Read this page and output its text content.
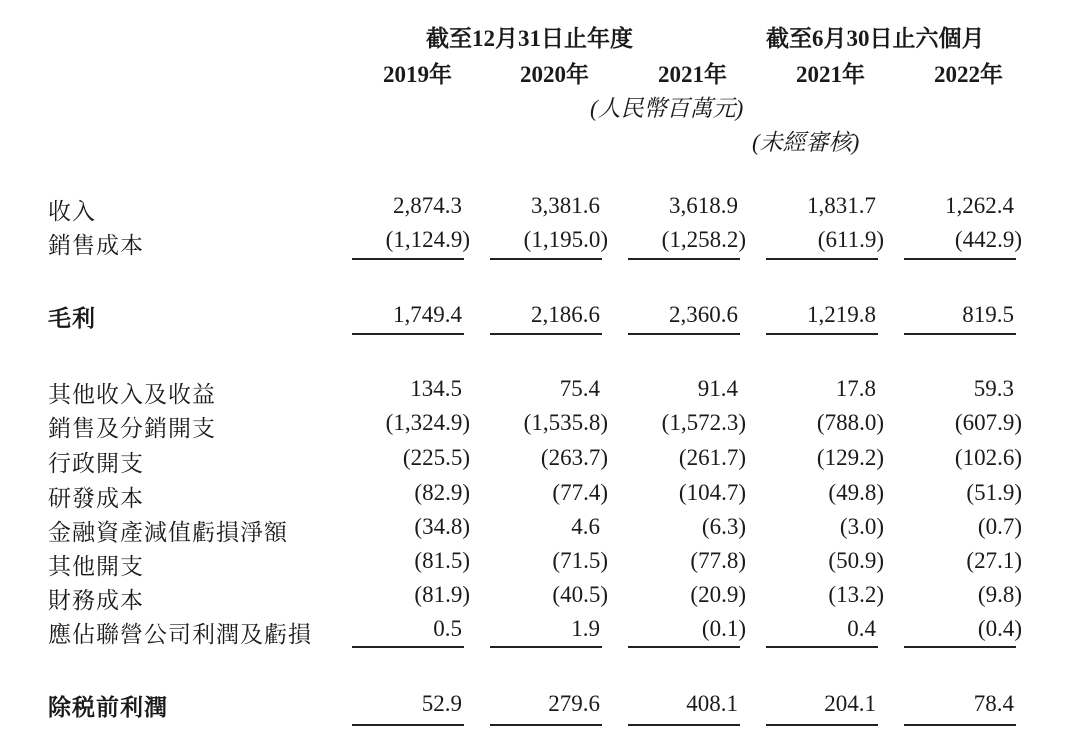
截至12月31日止年度	截至6月30日止六個月
2019年	2020年	2021年	2021年	2022年
(人民幣百萬元)
(未經審核)
收入	2,874.3	3,381.6	3,618.9	1,831.7	1,262.4
銷售成本	(1,124.9)	(1,195.0)	(1,258.2)	(611.9)	(442.9)
毛利	1,749.4	2,186.6	2,360.6	1,219.8	819.5
其他收入及收益	134.5	75.4	91.4	17.8	59.3
銷售及分銷開支	(1,324.9)	(1,535.8)	(1,572.3)	(788.0)	(607.9)
行政開支	(225.5)	(263.7)	(261.7)	(129.2)	(102.6)
研發成本	(82.9)	(77.4)	(104.7)	(49.8)	(51.9)
金融資產減值虧損淨額	(34.8)	4.6	(6.3)	(3.0)	(0.7)
其他開支	(81.5)	(71.5)	(77.8)	(50.9)	(27.1)
財務成本	(81.9)	(40.5)	(20.9)	(13.2)	(9.8)
應佔聯營公司利潤及虧損	0.5	1.9	(0.1)	0.4	(0.4)
除税前利潤	52.9	279.6	408.1	204.1	78.4
